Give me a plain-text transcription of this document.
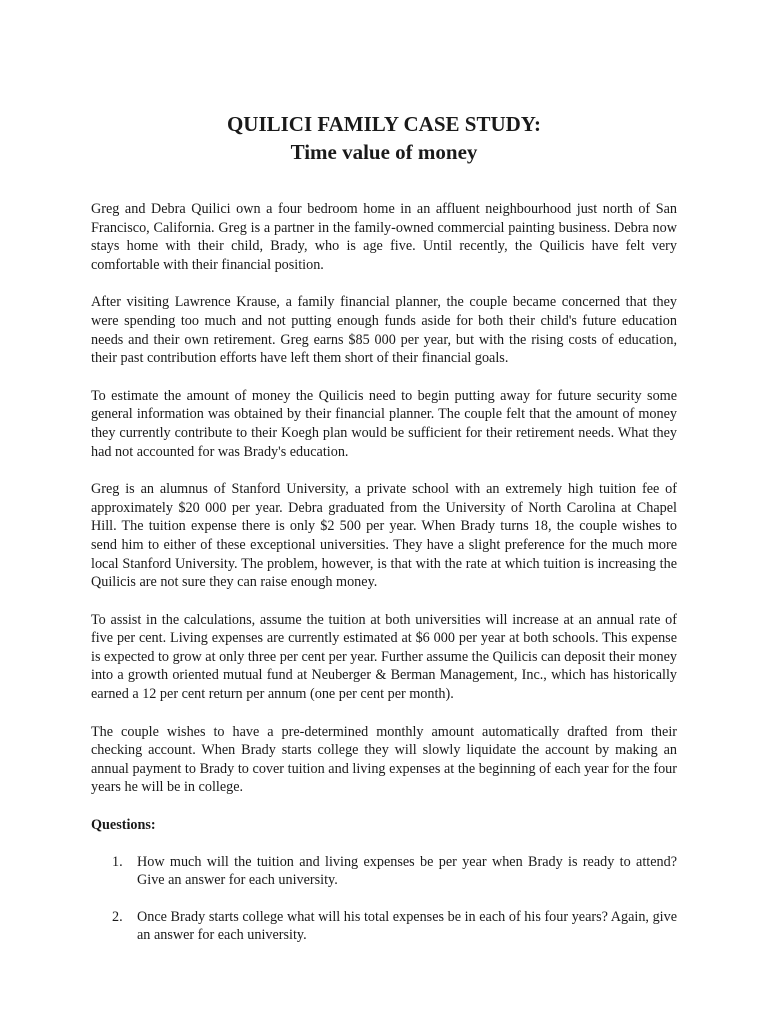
QUILICI FAMILY CASE STUDY:
Time value of money

Greg and Debra Quilici own a four bedroom home in an affluent neighbourhood just north of San Francisco, California. Greg is a partner in the family-owned commercial painting business. Debra now stays home with their child, Brady, who is age five. Until recently, the Quilicis have felt very comfortable with their financial position.

After visiting Lawrence Krause, a family financial planner, the couple became concerned that they were spending too much and not putting enough funds aside for both their child's future education needs and their own retirement. Greg earns $85 000 per year, but with the rising costs of education, their past contribution efforts have left them short of their financial goals.

To estimate the amount of money the Quilicis need to begin putting away for future security some general information was obtained by their financial planner. The couple felt that the amount of money they currently contribute to their Koegh plan would be sufficient for their retirement needs. What they had not accounted for was Brady's education.

Greg is an alumnus of Stanford University, a private school with an extremely high tuition fee of approximately $20 000 per year. Debra graduated from the University of North Carolina at Chapel Hill. The tuition expense there is only $2 500 per year. When Brady turns 18, the couple wishes to send him to either of these exceptional universities. They have a slight preference for the much more local Stanford University. The problem, however, is that with the rate at which tuition is increasing the Quilicis are not sure they can raise enough money.

To assist in the calculations, assume the tuition at both universities will increase at an annual rate of five per cent. Living expenses are currently estimated at $6 000 per year at both schools. This expense is expected to grow at only three per cent per year. Further assume the Quilicis can deposit their money into a growth oriented mutual fund at Neuberger & Berman Management, Inc., which has historically earned a 12 per cent return per annum (one per cent per month).

The couple wishes to have a pre-determined monthly amount automatically drafted from their checking account. When Brady starts college they will slowly liquidate the account by making an annual payment to Brady to cover tuition and living expenses at the beginning of each year for the four years he will be in college.

Questions:

1.	How much will the tuition and living expenses be per year when Brady is ready to attend? Give an answer for each university.
2.	Once Brady starts college what will his total expenses be in each of his four years? Again, give an answer for each university.
